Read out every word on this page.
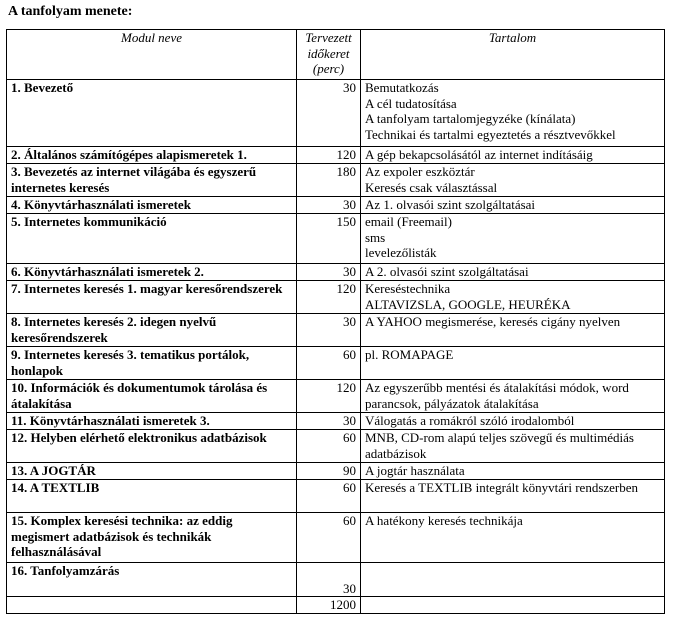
A tanfolyam menete:
Modul neve	Tervezett
időkeret
(perc)	Tartalom
1. Bevezető	30	Bemutatkozás
A cél tudatosítása
A tanfolyam tartalomjegyzéke (kínálata)
Technikai és tartalmi egyeztetés a résztvevőkkel

2. Általános számítógépes alapismeretek 1.	120	A gép bekapcsolásától az internet indításáig

3. Bevezetés az internet világába és egyszerű internetes keresés	180	Az expoler eszköztár
Keresés csak választással

4. Könyvtárhasználati ismeretek	30	Az 1. olvasói szint szolgáltatásai

5. Internetes kommunikáció	150	email (Freemail)
sms
levelezőlisták

6. Könyvtárhasználati ismeretek 2.	30	A 2. olvasói szint szolgáltatásai

7. Internetes keresés 1. magyar keresőrendszerek	120	Kereséstechnika
ALTAVIZSLA, GOOGLE, HEURÉKA

8. Internetes keresés 2. idegen nyelvű keresőrendszerek	30	A YAHOO megismerése, keresés cigány nyelven

9. Internetes keresés 3. tematikus portálok, honlapok	60	pl. ROMAPAGE

10. Információk és dokumentumok tárolása és átalakítása	120	Az egyszerűbb mentési és átalakítási módok, word parancsok, pályázatok átalakítása

11. Könyvtárhasználati ismeretek 3.	30	Válogatás a romákról szóló irodalomból

12. Helyben elérhető elektronikus adatbázisok	60	MNB, CD-rom alapú teljes szövegű és multimédiás adatbázisok

13. A JOGTÁR	90	A jogtár használata

14. A TEXTLIB	60	Keresés a TEXTLIB integrált könyvtári rendszerben

15. Komplex keresési technika: az eddig megismert adatbázisok és technikák felhasználásával	60	A hatékony keresés technikája

16. Tanfolyamzárás	30	
	1200	
